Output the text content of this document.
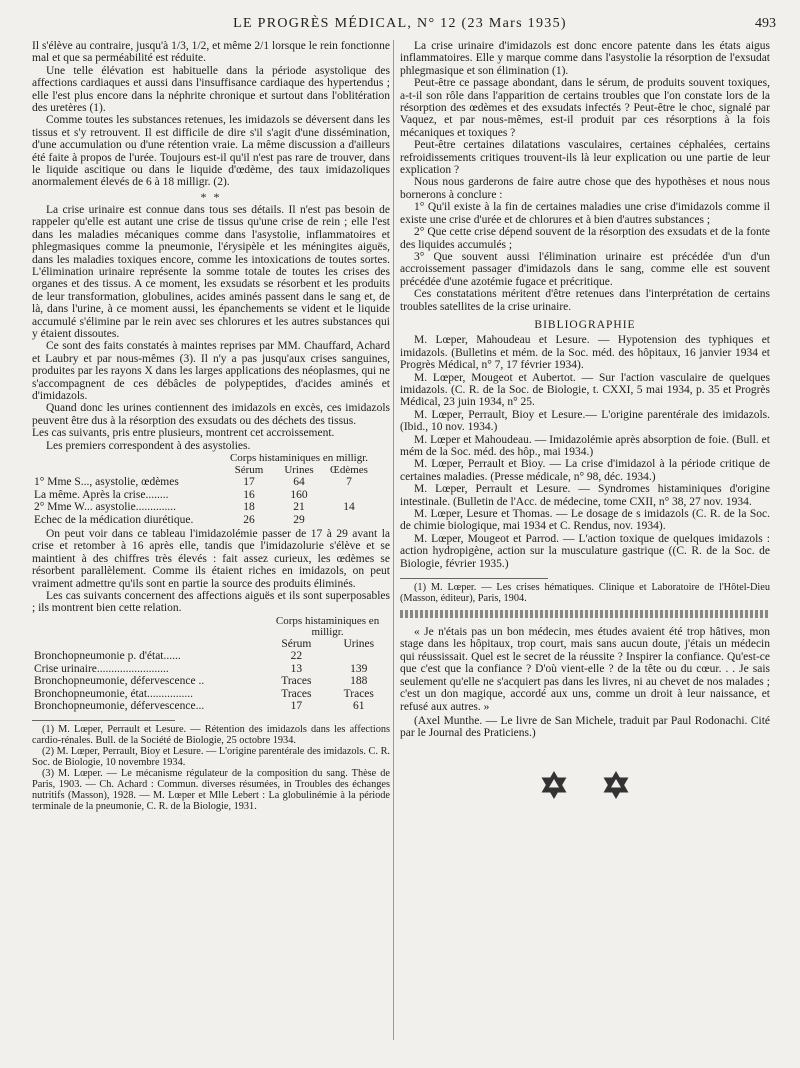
LE PROGRÈS MÉDICAL, N° 12 (23 Mars 1935)	493

Il s'élève au contraire, jusqu'à 1/3, 1/2, et même 2/1 lorsque le rein fonctionne mal et que sa perméabilité est réduite.

Une telle élévation est habituelle dans la période asystolique des affections cardiaques et aussi dans l'insuffisance cardiaque des hypertendus ; elle l'est plus encore dans la néphrite chronique et surtout dans l'oblitération des uretères (1).

Comme toutes les substances retenues, les imidazols se déversent dans les tissus et s'y retrouvent. Il est difficile de dire s'il s'agit d'une dissémination, d'une accumulation ou d'une rétention vraie. La même discussion a d'ailleurs été faite à propos de l'urée. Toujours est-il qu'il n'est pas rare de trouver, dans le liquide ascitique ou dans le liquide d'œdème, des taux imidazoliques anormalement élevés de 6 à 18 milligr. (2).

* *

La crise urinaire est connue dans tous ses détails. Il n'est pas besoin de rappeler qu'elle est autant une crise de tissus qu'une crise de rein ; elle l'est dans les maladies mécaniques comme dans l'asystolie, inflammatoires et phlegmasiques comme la pneumonie, l'érysipèle et les méningites aiguës, dans les maladies toxiques encore, comme les intoxications de toutes sortes. L'élimination urinaire représente la somme totale de toutes les crises des organes et des tissus. A ce moment, les exsudats se résorbent et les produits de leur transformation, globulines, acides aminés passent dans le sang et, de là, dans l'urine, à ce moment aussi, les épanchements se vident et le liquide accumulé s'élimine par le rein avec ses chlorures et les autres substances qui y étaient dissoutes.

Ce sont des faits constatés à maintes reprises par MM. Chauffard, Achard et Laubry et par nous-mêmes (3). Il n'y a pas jusqu'aux crises sanguines, produites par les rayons X dans les larges applications des néoplasmes, qui ne s'accompagnent de ces débâcles de polypeptides, d'acides aminés et d'imidazols.

Quand donc les urines contiennent des imidazols en excès, ces imidazols peuvent être dus à la résorption des exsudats ou des déchets des tissus.

Les cas suivants, pris entre plusieurs, montrent cet accroissement.

Les premiers correspondent à des asystolies.

	Corps histaminiques en milligr.		
	Sérum	Urines	Œdèmes
1° Mme S..., asystolie, œdèmes	17	64	7
La même. Après la crise........	16	160	
2° Mme W... asystolie..............	18	21	14
Echec de la médication diurétique.	26	29	

On peut voir dans ce tableau l'imidazolémie passer de 17 à 29 avant la crise et retomber à 16 après elle, tandis que l'imidazolurie s'élève et se maintient à des chiffres très élevés : fait assez curieux, les œdèmes se résorbent parallèlement. Comme ils étaient riches en imidazols, on peut vraiment admettre qu'ils sont en partie la source des produits éliminés.

Les cas suivants concernent des affections aiguës et ils sont superposables ; ils montrent bien cette relation.

	Corps histaminiques en milligr.	
	Sérum	Urines
Bronchopneumonie p. d'état......	22	
Crise urinaire.........................	13	139
Bronchopneumonie, défervescence ..	Traces	188
Bronchopneumonie, état................	Traces	Traces
Bronchopneumonie, défervescence...	17	61

(1) M. Lœper, Perrault et Lesure. — Rétention des imidazols dans les affections cardio-rénales. Bull. de la Société de Biologie, 25 octobre 1934.

(2) M. Lœper, Perrault, Bioy et Lesure. — L'origine parentérale des imidazols. C. R. Soc. de Biologie, 10 novembre 1934.

(3) M. Lœper. — Le mécanisme régulateur de la composition du sang. Thèse de Paris, 1903. — Ch. Achard : Commun. diverses résumées, in Troubles des échanges nutritifs (Masson), 1928. — M. Lœper et Mlle Lebert : La globulinémie à la période terminale de la pneumonie, C. R. de la Biologie, 1931.

La crise urinaire d'imidazols est donc encore patente dans les états aigus inflammatoires. Elle y marque comme dans l'asystolie la résorption de l'exsudat phlegmasique et son élimination (1).

Peut-être ce passage abondant, dans le sérum, de produits souvent toxiques, a-t-il son rôle dans l'apparition de certains troubles que l'on constate lors de la résorption des œdèmes et des exsudats infectés ? Peut-être le choc, signalé par Vaquez, et par nous-mêmes, est-il produit par ces résorptions à la fois mécaniques et toxiques ?

Peut-être certaines dilatations vasculaires, certaines céphalées, certains refroidissements critiques trouvent-ils là leur explication ou une partie de leur explication ?

Nous nous garderons de faire autre chose que des hypothèses et nous nous bornerons à conclure :

1° Qu'il existe à la fin de certaines maladies une crise d'imidazols comme il existe une crise d'urée et de chlorures et à bien d'autres substances ;

2° Que cette crise dépend souvent de la résorption des exsudats et de la fonte des liquides accumulés ;

3° Que souvent aussi l'élimination urinaire est précédée d'un d'un accroissement passager d'imidazols dans le sang, comme elle est souvent précédée d'une azotémie fugace et précritique.

Ces constatations méritent d'être retenues dans l'interprétation de certains troubles satellites de la crise urinaire.

BIBLIOGRAPHIE

M. Lœper, Mahoudeau et Lesure. — Hypotension des typhiques et imidazols. (Bulletins et mém. de la Soc. méd. des hôpitaux, 16 janvier 1934 et Progrès Médical, n° 7, 17 février 1934).

M. Lœper, Mougeot et Aubertot. — Sur l'action vasculaire de quelques imidazols. (C. R. de la Soc. de Biologie, t. CXXI, 5 mai 1934, p. 35 et Progrès Médical, 23 juin 1934, n° 25.

M. Lœper, Perrault, Bioy et Lesure.— L'origine parentérale des imidazols. (Ibid., 10 nov. 1934.)

M. Lœper et Mahoudeau. — Imidazolémie après absorption de foie. (Bull. et mém de la Soc. méd. des hôp., mai 1934.)

M. Lœper, Perrault et Bioy. — La crise d'imidazol à la période critique de certaines maladies. (Presse médicale, n° 98, déc. 1934.)

M. Lœper, Perrault et Lesure. — Syndromes histaminiques d'origine intestinale. (Bulletin de l'Acc. de médecine, tome CXII, n° 38, 27 nov. 1934.

M. Lœper, Lesure et Thomas. — Le dosage de s imidazols (C. R. de la Soc. de chimie biologique, mai 1934 et C. Rendus, nov. 1934).

M. Lœper, Mougeot et Parrod. — L'action toxique de quelques imidazols : action hydropigène, action sur la musculature gastrique ((C. R. de la Soc. de Biologie, février 1935.)

(1) M. Lœper. — Les crises hématiques. Clinique et Laboratoire de l'Hôtel-Dieu (Masson, éditeur), Paris, 1904.

« Je n'étais pas un bon médecin, mes études avaient été trop hâtives, mon stage dans les hôpitaux, trop court, mais sans aucun doute, j'étais un médecin qui réussissait. Quel est le secret de la réussite ? Inspirer la confiance. Qu'est-ce que c'est que la confiance ? D'où vient-elle ? de la tête ou du cœur. . . Je sais seulement qu'elle ne s'acquiert pas dans les livres, ni au chevet de nos malades ; c'est un don magique, accordé aux uns, comme un droit à leur naissance, et refusé aux autres. »

(Axel Munthe. — Le livre de San Michele, traduit par Paul Rodonachi. Cité par le Journal des Praticiens.)
